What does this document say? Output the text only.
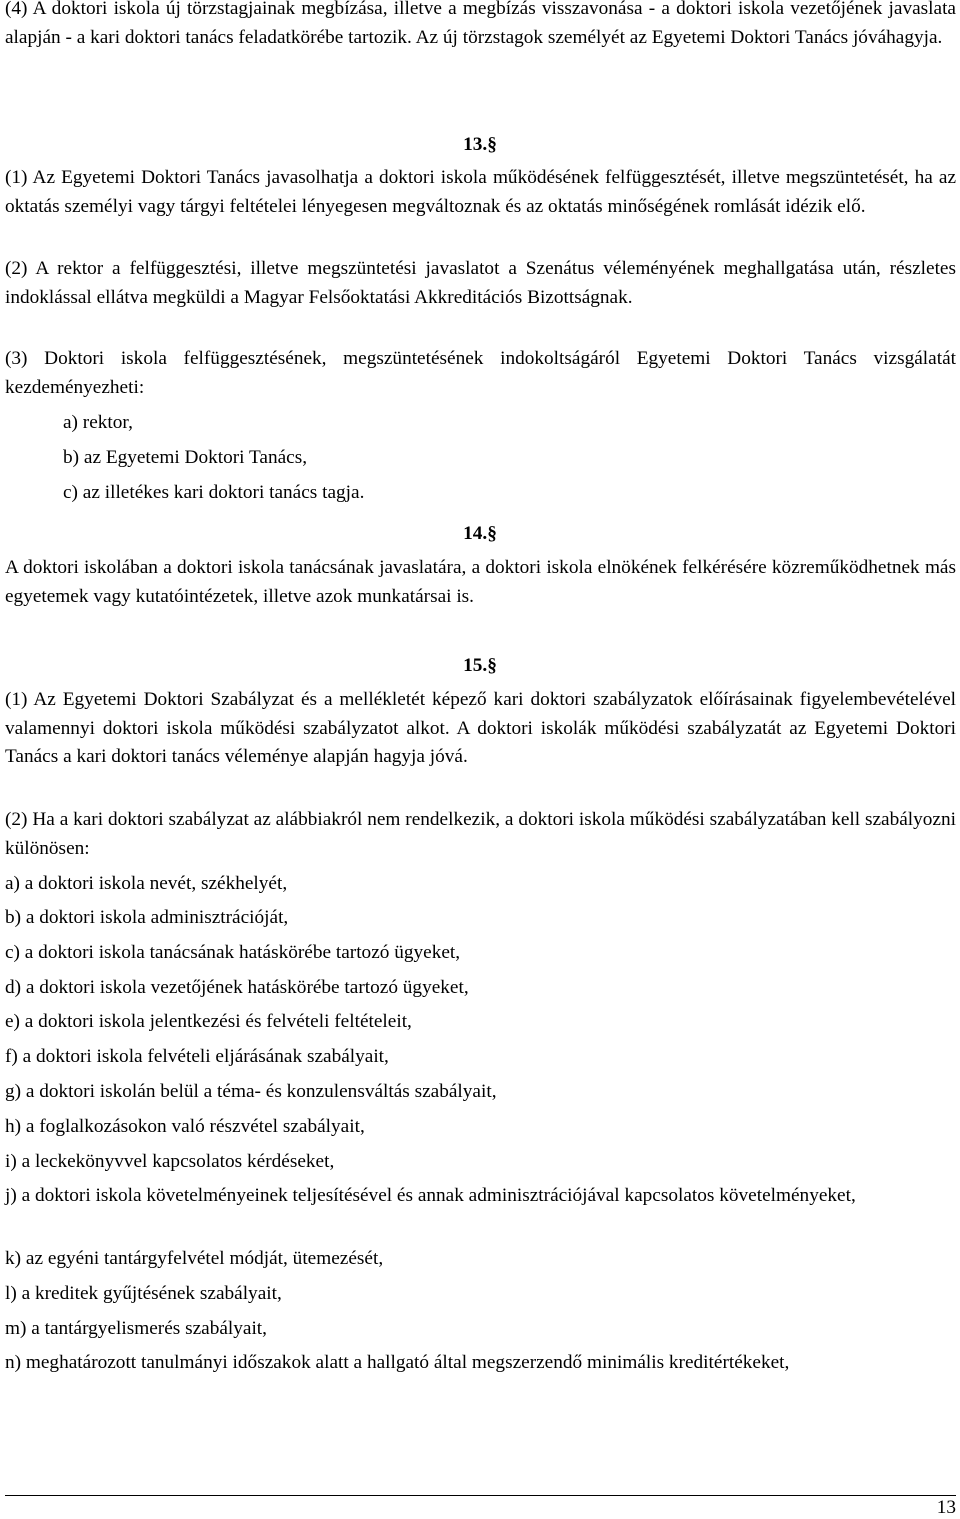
(4) A doktori iskola új törzstagjainak megbízása, illetve a megbízás visszavonása - a doktori iskola vezetőjének javaslata alapján - a kari doktori tanács feladatkörébe tartozik. Az új törzstagok személyét az Egyetemi Doktori Tanács jóváhagyja.

13.§

(1) Az Egyetemi Doktori Tanács javasolhatja a doktori iskola működésének felfüggesztését, illetve megszüntetését, ha az oktatás személyi vagy tárgyi feltételei lényegesen megváltoznak és az oktatás minőségének romlását idézik elő.

(2) A rektor a felfüggesztési, illetve megszüntetési javaslatot a Szenátus véleményének meghallgatása után, részletes indoklással ellátva megküldi a Magyar Felsőoktatási Akkreditációs Bizottságnak.

(3) Doktori iskola felfüggesztésének, megszüntetésének indokoltságáról Egyetemi Doktori Tanács vizsgálatát kezdeményezheti:

a) rektor,

b) az Egyetemi Doktori Tanács,

c) az illetékes kari doktori tanács tagja.

14.§

A doktori iskolában a doktori iskola tanácsának javaslatára, a doktori iskola elnökének felkérésére közreműködhetnek más egyetemek vagy kutatóintézetek, illetve azok munkatársai is.

15.§

(1) Az Egyetemi Doktori Szabályzat és a mellékletét képező kari doktori szabályzatok előírásainak figyelembevételével valamennyi doktori iskola működési szabályzatot alkot. A doktori iskolák működési szabályzatát az Egyetemi Doktori Tanács a kari doktori tanács véleménye alapján hagyja jóvá.

(2) Ha a kari doktori szabályzat az alábbiakról nem rendelkezik, a doktori iskola működési szabályzatában kell szabályozni különösen:

a) a doktori iskola nevét, székhelyét,

b) a doktori iskola adminisztrációját,

c) a doktori iskola tanácsának hatáskörébe tartozó ügyeket,

d) a doktori iskola vezetőjének hatáskörébe tartozó ügyeket,

e) a doktori iskola jelentkezési és felvételi feltételeit,

f) a doktori iskola felvételi eljárásának szabályait,

g) a doktori iskolán belül a téma- és konzulensváltás szabályait,

h) a foglalkozásokon való részvétel szabályait,

i) a leckekönyvvel kapcsolatos kérdéseket,

j) a doktori iskola követelményeinek teljesítésével és annak adminisztrációjával kapcsolatos követelményeket,

k) az egyéni tantárgyfelvétel módját, ütemezését,

l) a kreditek gyűjtésének szabályait,

m) a tantárgyelismerés szabályait,

n) meghatározott tanulmányi időszakok alatt a hallgató által megszerzendő minimális kreditértékeket,

13
